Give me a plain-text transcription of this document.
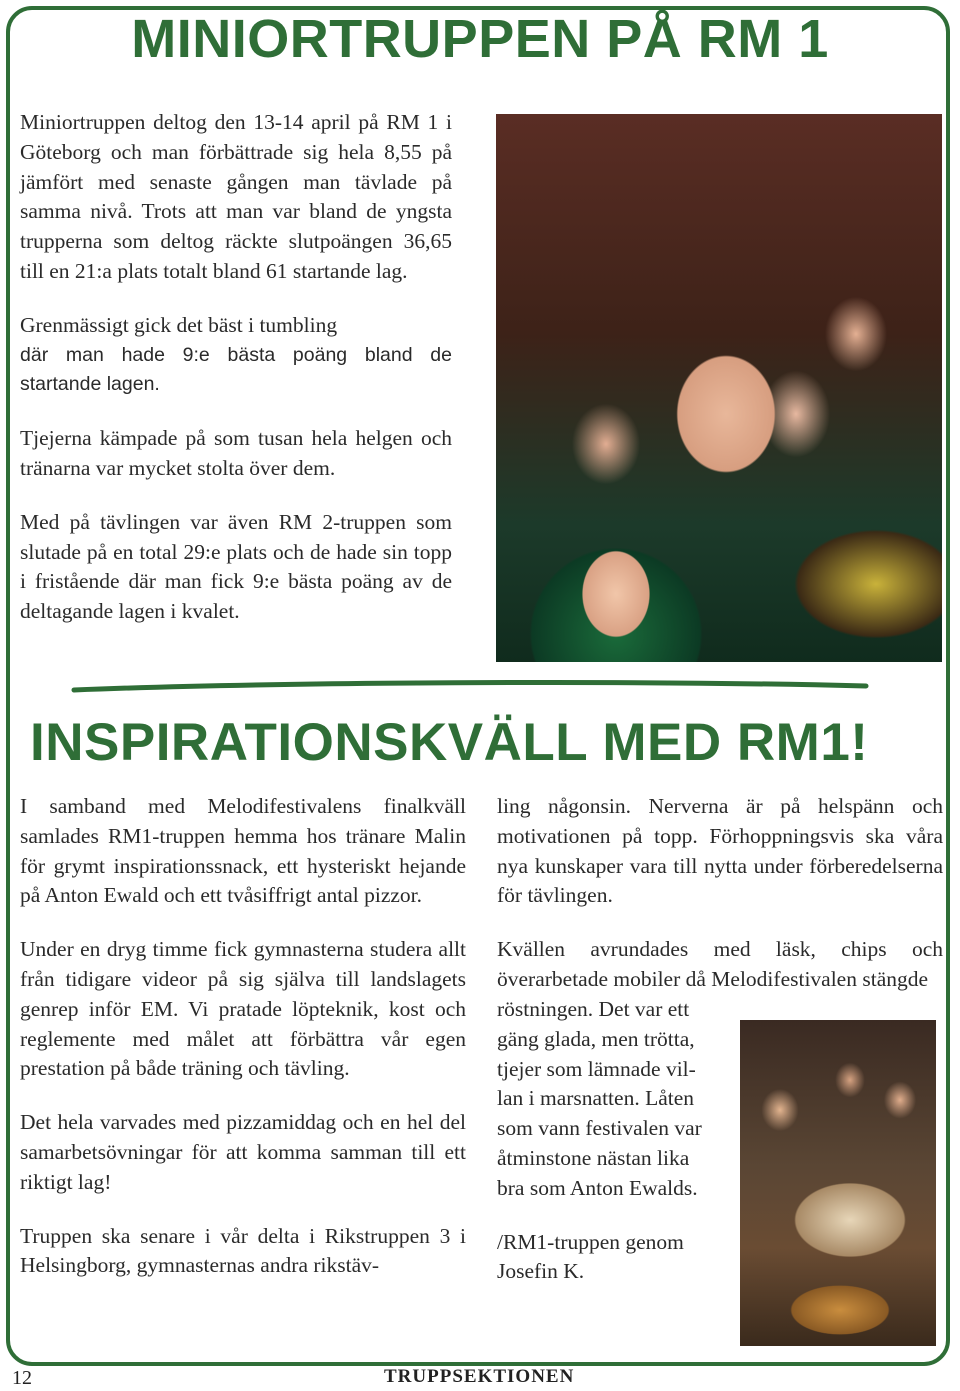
MINIORTRUPPEN PÅ RM 1

Miniortruppen deltog den 13-14 april på RM 1 i Göteborg och man förbättrade sig hela 8,55 på jämfört med senaste gången man tävlade på samma nivå. Trots att man var bland de yngsta trupperna som deltog räckte slutpoängen 36,65 till en 21:a plats totalt bland 61 startande lag.

Grenmässigt gick det bäst i tumbling

där man hade 9:e bästa poäng bland de startande lagen.

Tjejerna kämpade på som tusan hela helgen och tränarna var mycket stolta över dem.

Med på tävlingen var även RM 2-truppen som slutade på en total 29:e plats och de hade sin topp i fristående där man fick 9:e bästa poäng av de deltagande lagen i kvalet.

INSPIRATIONSKVÄLL MED RM1!

I samband med Melodifestivalens finalkväll samlades RM1-truppen hemma hos tränare Malin för grymt inspirationssnack, ett hysteriskt hejande på Anton Ewald och ett tvåsiffrigt antal pizzor.

Under en dryg timme fick gymnasterna studera allt från tidigare videor på sig själva till landslagets genrep inför EM. Vi pratade löpteknik, kost och reglemente med målet att förbättra vår egen prestation på både träning och tävling.

Det hela varvades med pizzamiddag och en hel del samarbetsövningar för att komma samman till ett riktigt lag!

Truppen ska senare i vår delta i Rikstruppen 3 i Helsingborg, gymnasternas andra rikstäv-

ling någonsin. Nerverna är på helspänn och motivationen på topp. Förhoppningsvis ska våra nya kunskaper vara till nytta under förberedelserna för tävlingen.

Kvällen avrundades med läsk, chips och överarbetade mobiler då Melodifestivalen stängde

röstningen. Det var ett
gäng glada, men trötta,
tjejer som lämnade vil-
lan i marsnatten. Låten
som vann festivalen var
åtminstone nästan lika
bra som Anton Ewalds.
/RM1-truppen genom
Josefin K.
12	TRUPPSEKTIONEN
